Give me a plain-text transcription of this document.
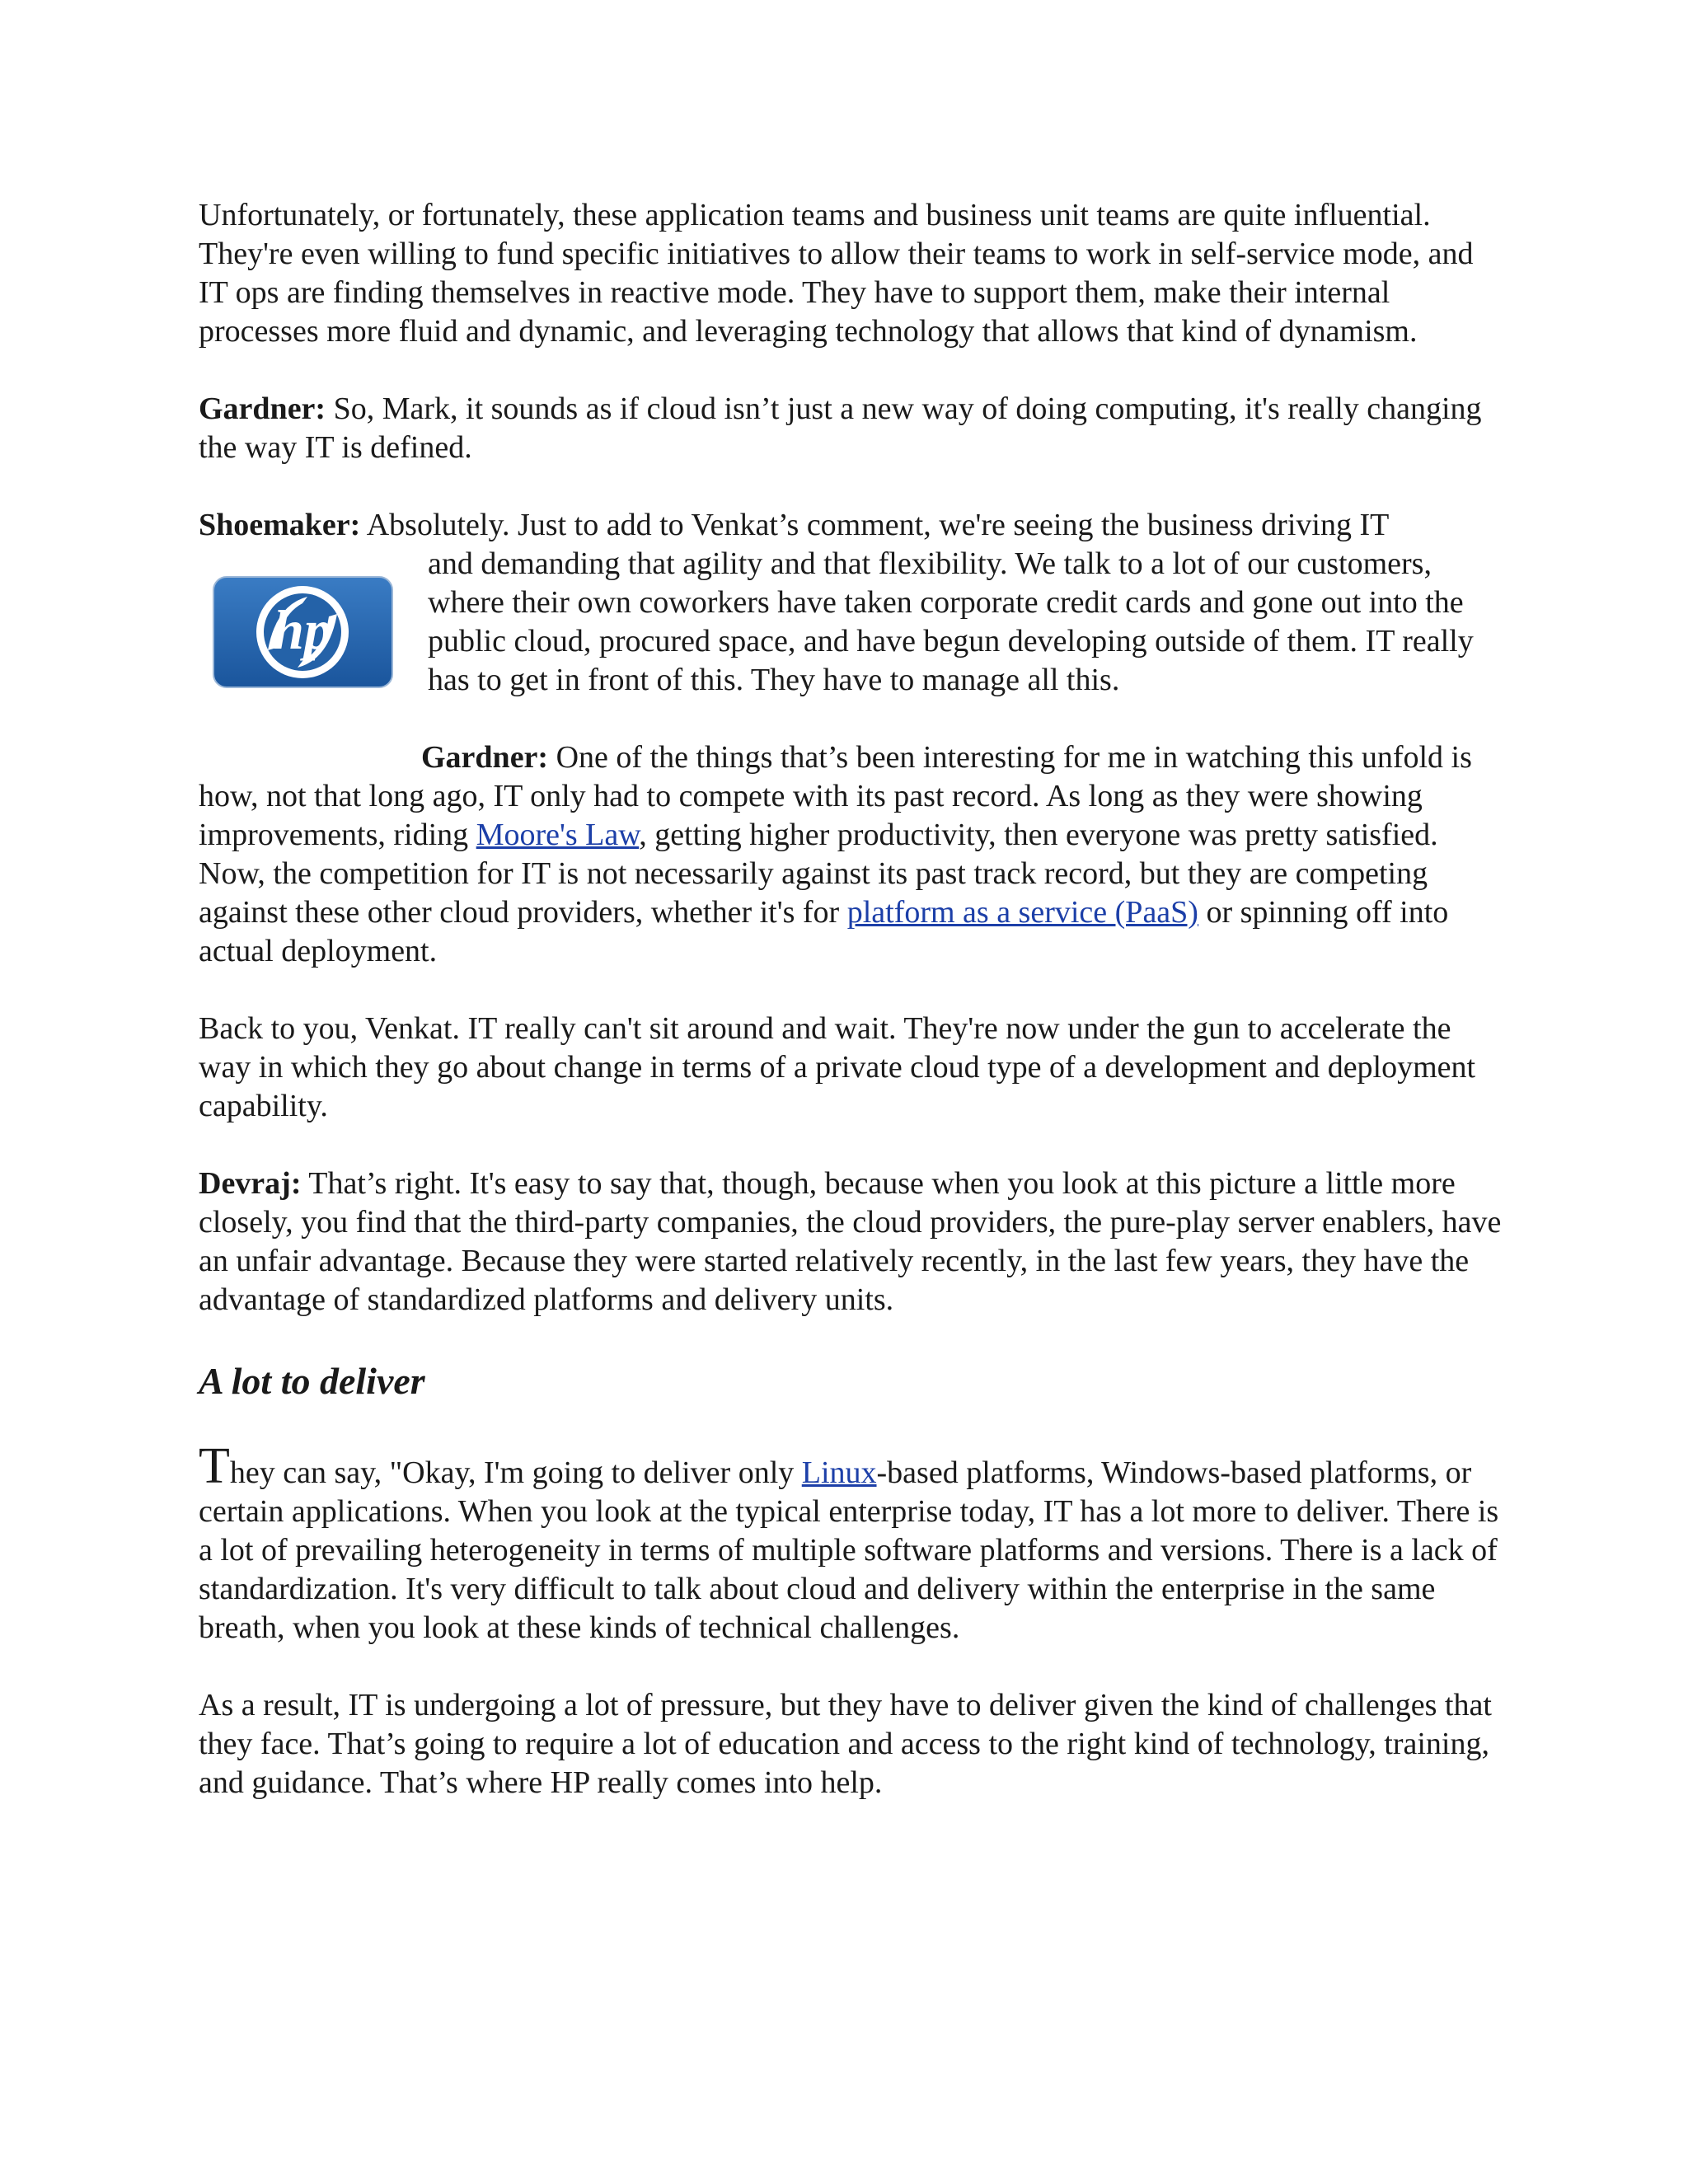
Unfortunately, or fortunately, these application teams and business unit teams are quite influential. They're even willing to fund specific initiatives to allow their teams to work in self-service mode, and IT ops are finding themselves in reactive mode. They have to support them, make their internal processes more fluid and dynamic, and leveraging technology that allows that kind of dynamism.

Gardner: So, Mark, it sounds as if cloud isn’t just a new way of doing computing, it's really changing the way IT is defined.

Shoemaker: Absolutely. Just to add to Venkat’s comment, we're seeing the business driving IT
hp
and demanding that agility and that flexibility. We talk to a lot of our customers, where their own coworkers have taken corporate credit cards and gone out into the public cloud, procured space, and have begun developing outside of them. IT really has to get in front of this. They have to manage all this.

Gardner: One of the things that’s been interesting for me in watching this unfold is how, not that long ago, IT only had to compete with its past record. As long as they were showing improvements, riding Moore's Law, getting higher productivity, then everyone was pretty satisfied. Now, the competition for IT is not necessarily against its past track record, but they are competing against these other cloud providers, whether it's for platform as a service (PaaS) or spinning off into actual deployment.

Back to you, Venkat. IT really can't sit around and wait. They're now under the gun to accelerate the way in which they go about change in terms of a private cloud type of a development and deployment capability.

Devraj: That’s right. It's easy to say that, though, because when you look at this picture a little more closely, you find that the third-party companies, the cloud providers, the pure-play server enablers, have an unfair advantage. Because they were started relatively recently, in the last few years, they have the advantage of standardized platforms and delivery units.

A lot to deliver

They can say, "Okay, I'm going to deliver only Linux-based platforms, Windows-based platforms, or certain applications. When you look at the typical enterprise today, IT has a lot more to deliver. There is a lot of prevailing heterogeneity in terms of multiple software platforms and versions. There is a lack of standardization. It's very difficult to talk about cloud and delivery within the enterprise in the same breath, when you look at these kinds of technical challenges.

As a result, IT is undergoing a lot of pressure, but they have to deliver given the kind of challenges that they face. That’s going to require a lot of education and access to the right kind of technology, training, and guidance. That’s where HP really comes into help.
